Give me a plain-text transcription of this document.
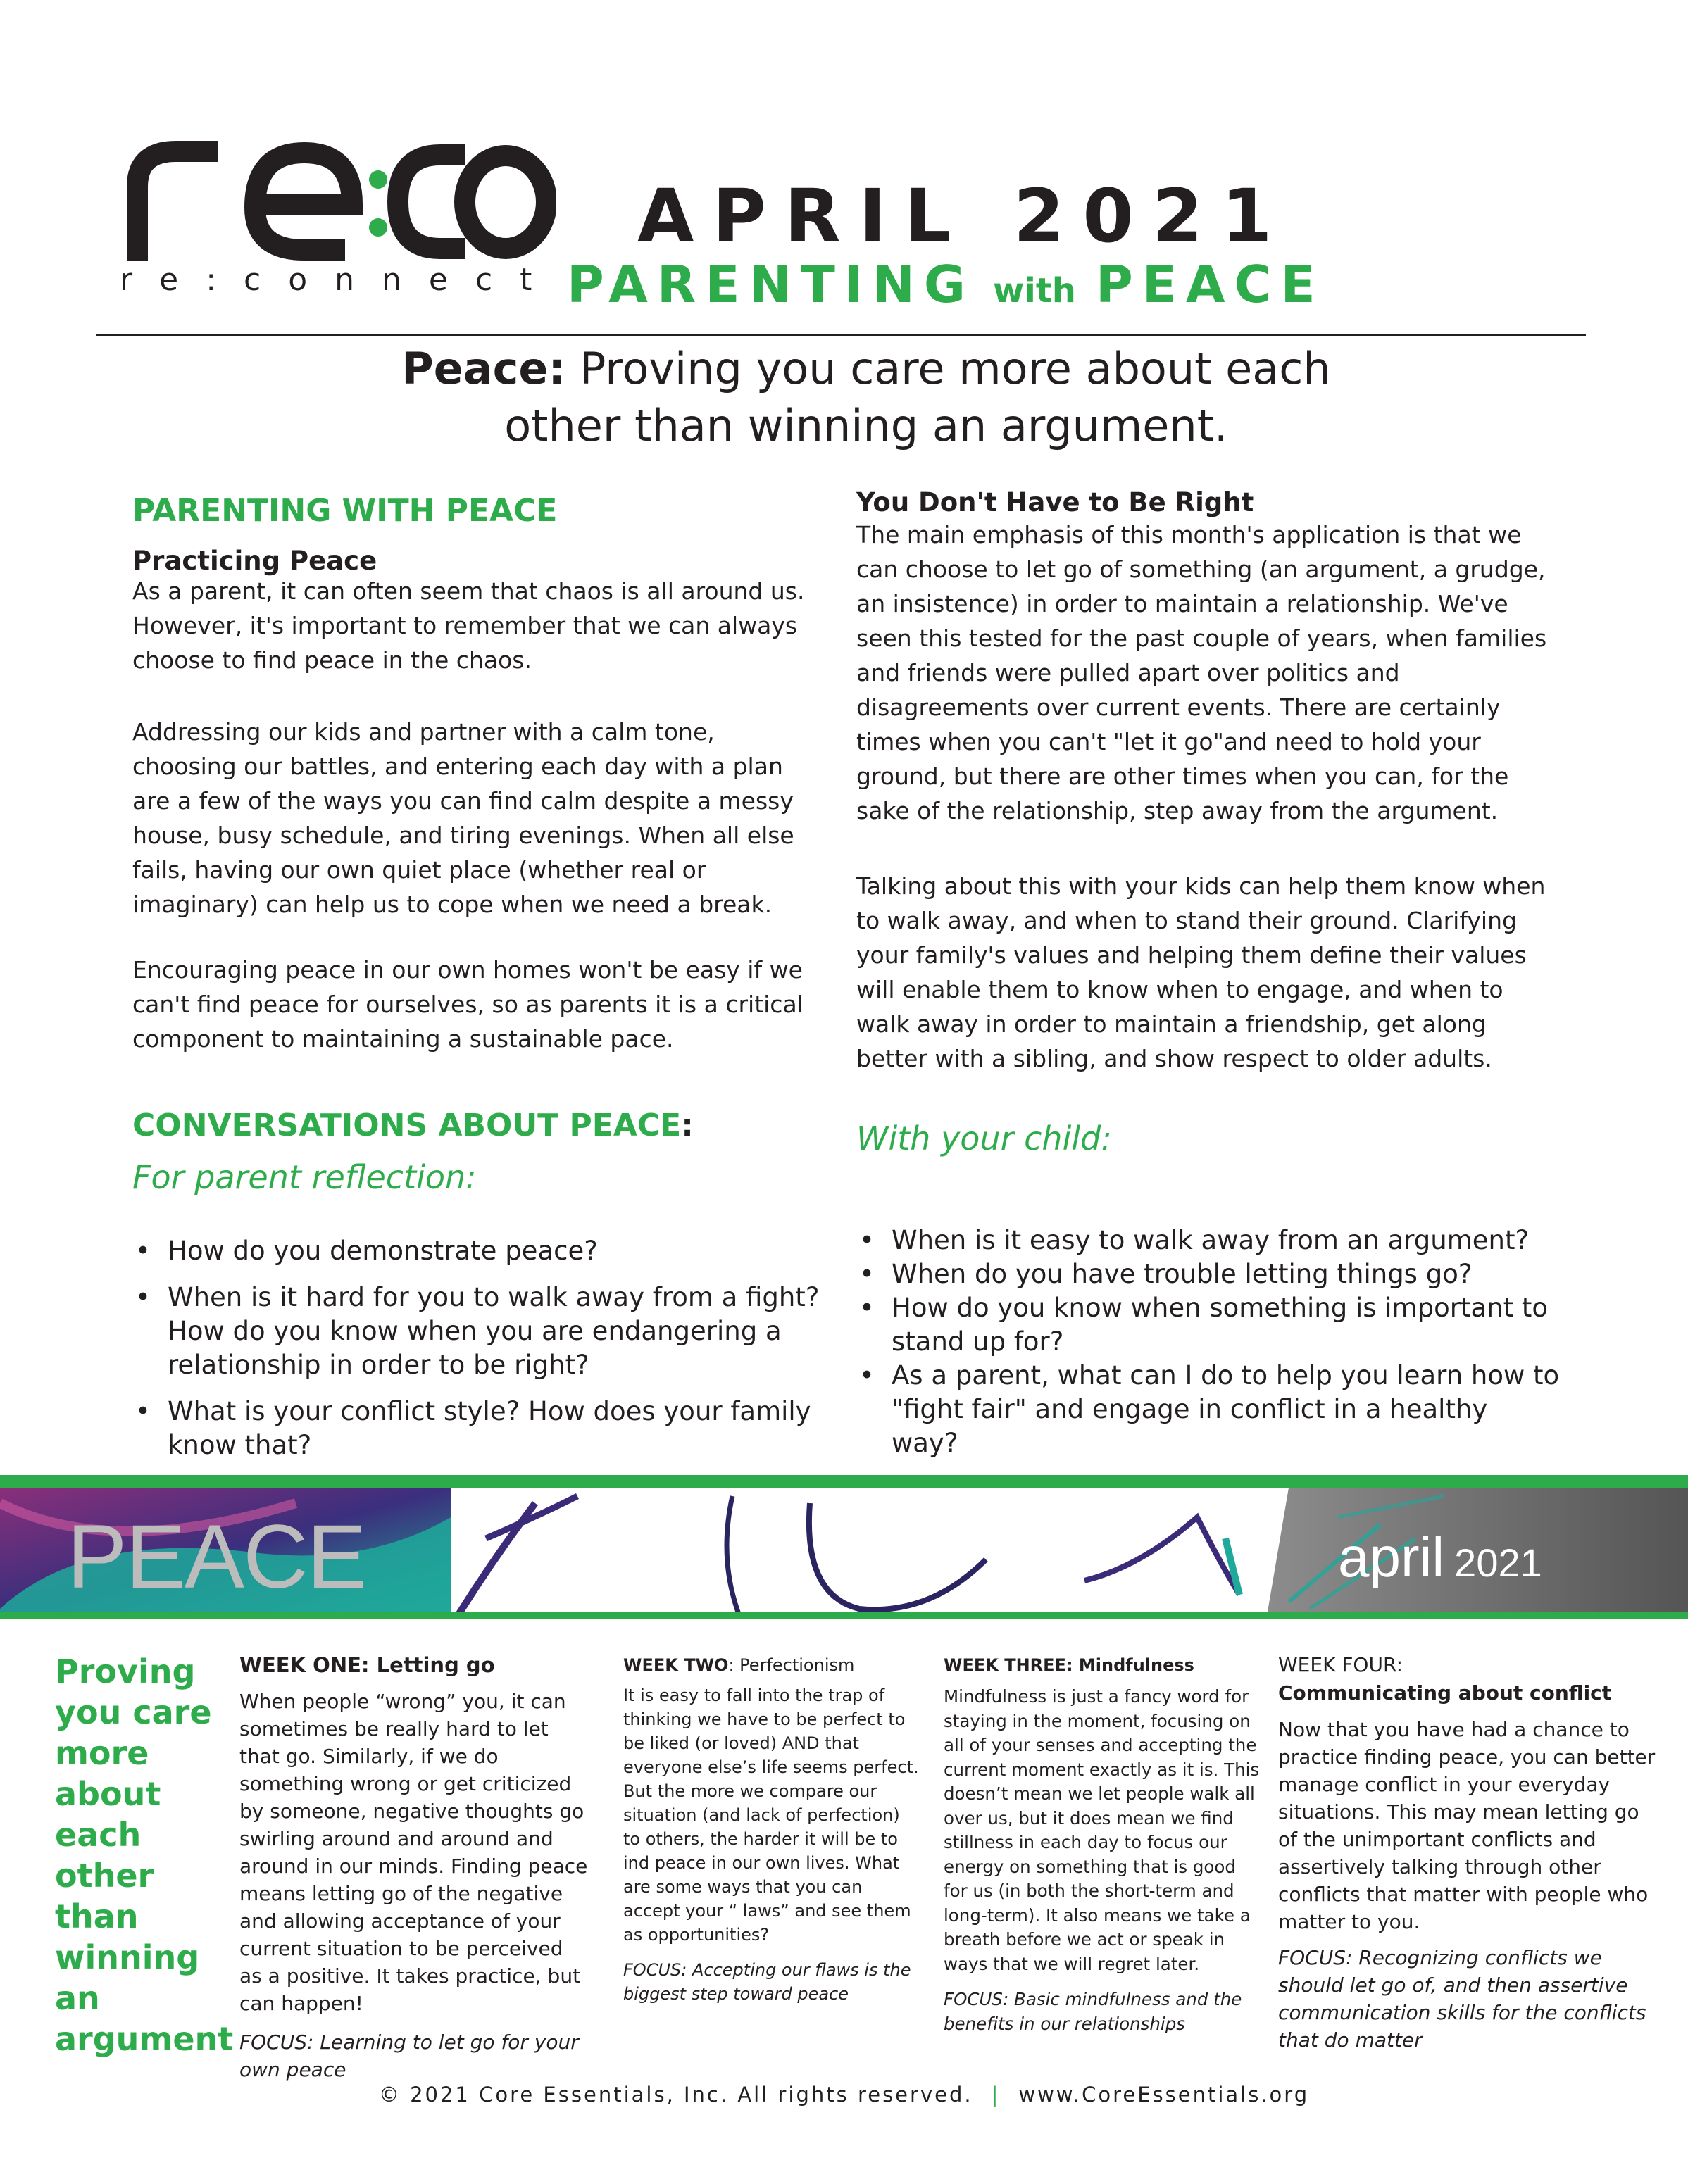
re:connect
APRIL 2021
PARENTING with PEACE
Peace: Proving you care more about each
other than winning an argument.
PARENTING WITH PEACE
Practicing Peace
As a parent, it can often seem that chaos is all around us. However, it's important to remember that we can always choose to find peace in the chaos.
Addressing our kids and partner with a calm tone, choosing our battles, and entering each day with a plan are a few of the ways you can find calm despite a messy house, busy schedule, and tiring evenings. When all else fails, having our own quiet place (whether real or imaginary) can help us to cope when we need a break.
Encouraging peace in our own homes won't be easy if we can't find peace for ourselves, so as parents it is a critical component to maintaining a sustainable pace.
CONVERSATIONS ABOUT PEACE:
For parent reflection:
• How do you demonstrate peace?
• When is it hard for you to walk away from a fight? How do you know when you are endangering a relationship in order to be right?
• What is your conflict style? How does your family know that?
You Don't Have to Be Right
The main emphasis of this month's application is that we can choose to let go of something (an argument, a grudge, an insistence) in order to maintain a relationship. We've seen this tested for the past couple of years, when families and friends were pulled apart over politics and disagreements over current events. There are certainly times when you can't "let it go"and need to hold your ground, but there are other times when you can, for the sake of the relationship, step away from the argument.
Talking about this with your kids can help them know when to walk away, and when to stand their ground. Clarifying your family's values and helping them define their values will enable them to know when to engage, and when to walk away in order to maintain a friendship, get along better with a sibling, and show respect to older adults.
With your child:
• When is it easy to walk away from an argument?
• When do you have trouble letting things go?
• How do you know when something is important to stand up for?
• As a parent, what can I do to help you learn how to "fight fair" and engage in conflict in a healthy way?
PEACE	april 2021
Proving you care more about each other than winning an argument
WEEK ONE: Letting go
When people “wrong” you, it can sometimes be really hard to let that go. Similarly, if we do something wrong or get criticized by someone, negative thoughts go swirling around and around and around in our minds. Finding peace means letting go of the negative and allowing acceptance of your current situation to be perceived as a positive. It takes practice, but can happen!
FOCUS: Learning to let go for your own peace
WEEK TWO: Perfectionism
It is easy to fall into the trap of thinking we have to be perfect to be liked (or loved) AND that everyone else’s life seems perfect. But the more we compare our situation (and lack of perfection) to others, the harder it will be to ind peace in our own lives. What are some ways that you can accept your “ laws” and see them as opportunities?
FOCUS: Accepting our flaws is the biggest step toward peace
WEEK THREE: Mindfulness
Mindfulness is just a fancy word for staying in the moment, focusing on all of your senses and accepting the current moment exactly as it is. This doesn’t mean we let people walk all over us, but it does mean we find stillness in each day to focus our energy on something that is good for us (in both the short-term and long-term). It also means we take a breath before we act or speak in ways that we will regret later.
FOCUS: Basic mindfulness and the benefits in our relationships
WEEK FOUR:
Communicating about conflict
Now that you have had a chance to practice finding peace, you can better manage conflict in your everyday situations. This may mean letting go of the unimportant conflicts and assertively talking through other conflicts that matter with people who matter to you.
FOCUS: Recognizing conflicts we should let go of, and then assertive communication skills for the conflicts that do matter
© 2021 Core Essentials, Inc. All rights reserved. | www.CoreEssentials.org
